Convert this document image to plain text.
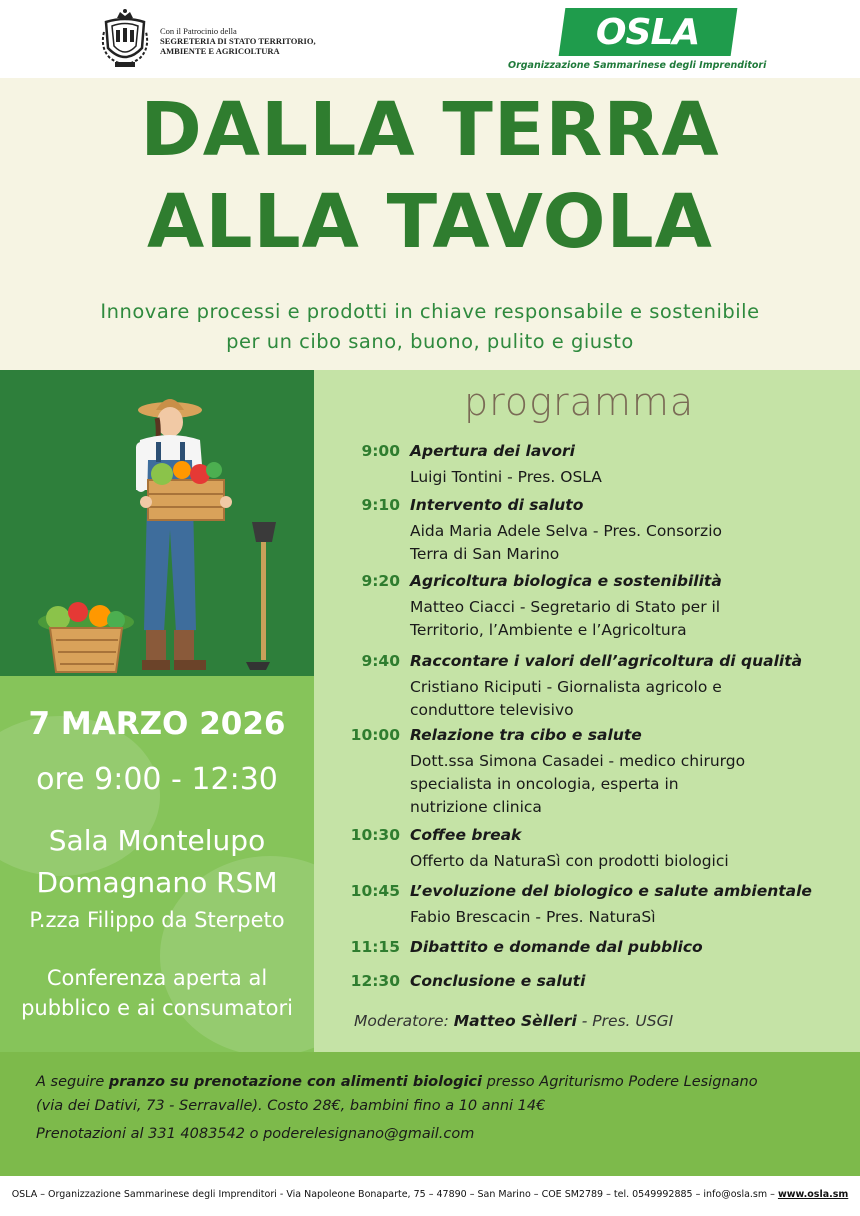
Con il Patrocinio della
SEGRETERIA DI STATO TERRITORIO,
AMBIENTE E AGRICOLTURA	OSLA
Organizzazione Sammarinese degli Imprenditori
DALLA TERRA
ALLA TAVOLA
Innovare processi e prodotti in chiave responsabile e sostenibile
per un cibo sano, buono, pulito e giusto
7 MARZO 2026
ore 9:00 - 12:30
Sala Montelupo
Domagnano RSM
P.zza Filippo da Sterpeto
Conferenza aperta al
pubblico e ai consumatori
programma
9:00 Apertura dei lavori
Luigi Tontini - Pres. OSLA
9:10 Intervento di saluto
Aida Maria Adele Selva - Pres. Consorzio
Terra di San Marino
9:20 Agricoltura biologica e sostenibilità
Matteo Ciacci - Segretario di Stato per il
Territorio, l’Ambiente e l’Agricoltura
9:40 Raccontare i valori dell’agricoltura di qualità
Cristiano Riciputi - Giornalista agricolo e
conduttore televisivo
10:00 Relazione tra cibo e salute
Dott.ssa Simona Casadei - medico chirurgo
specialista in oncologia, esperta in
nutrizione clinica
10:30 Coffee break
Offerto da NaturaSì con prodotti biologici
10:45 L’evoluzione del biologico e salute ambientale
Fabio Brescacin - Pres. NaturaSì
11:15 Dibattito e domande dal pubblico
12:30 Conclusione e saluti
Moderatore: Matteo Sèlleri - Pres. USGI
A seguire pranzo su prenotazione con alimenti biologici presso Agriturismo Podere Lesignano
(via dei Dativi, 73 - Serravalle). Costo 28€, bambini fino a 10 anni 14€
Prenotazioni al 331 4083542 o poderelesignano@gmail.com
OSLA – Organizzazione Sammarinese degli Imprenditori - Via Napoleone Bonaparte, 75 – 47890 – San Marino – COE SM2789 – tel. 0549992885 – info@osla.sm – www.osla.sm
